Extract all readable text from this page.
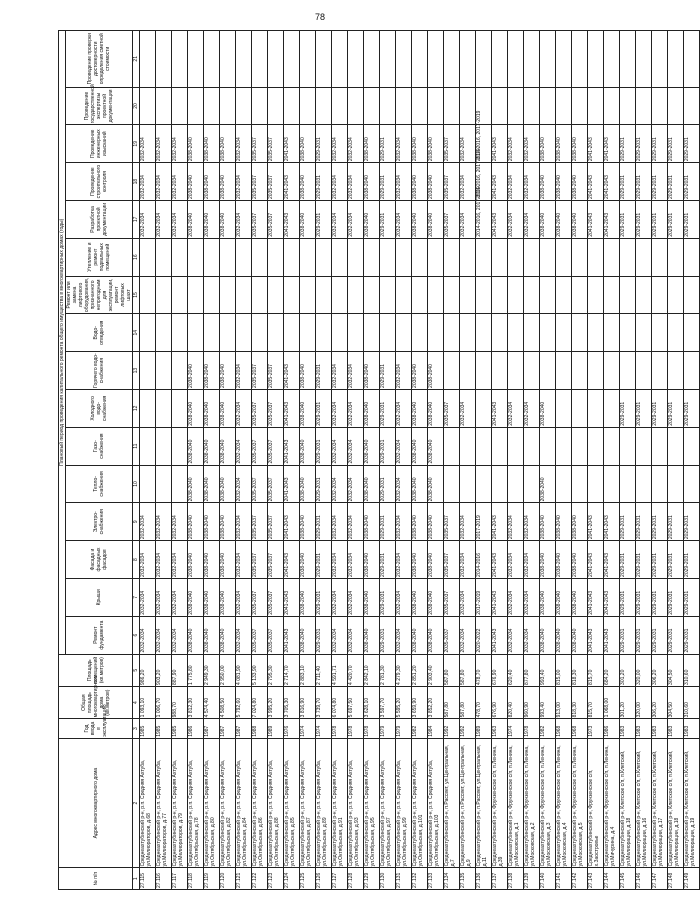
78
№ п/п	Адрес многоквартирного дома	Год ввода в эксплуатацию	Общая площадь многоквартирного дома (кв.метров)	Площадь помещений (кв.метров)	Плановый период проведения капитального ремонта общего имущества в многоквартирных домах (годы)															
					Ремонт фундамента	Крыши	Фасада и фасадных фасадов	Электро-снабжения	Тепло-снабжения	Газо-снабжения	Холодного водо-снабжения	Горячего водо-снабжения	Водо-отведения	Ремонт или замена лифтового оборудования, признанного непригодным для эксплуатации, ремонт лифтовых шахт	Утепление и ремонт подвальных помещений	Разработка проектной документации	Проведение строительного контроля	Проведение инженерных изысканий	Проведение государственной экспертизы проектной документации	Проведение проверки достоверности определения сметной стоимости
1	2	3	4	5	6	7	8	9	10	11	12	13	14	15	16	17	18	19	20	21
27.115	Среднеахтубинский р-н, р.п. Средняя Ахтуба, ул.Мелиораторов, д.68	1985	1 093,10	986,20	2032-2034	2032-2034	2032-2034	2032-2034								2032-2034	2032-2034	2032-2034		
27.116	Среднеахтубинский р-н, р.п. Средняя Ахтуба, ул.Мелиораторов, д.77	1985	1 006,70	903,20	2032-2034	2032-2034	2032-2034	2032-2034								2032-2034	2032-2034	2032-2034		
27.117	Среднеахтубинский р-н, р.п. Средняя Ахтуба, ул.Мелиораторов, д.79	1985	988,70	887,90	2032-2034	2032-2034	2032-2034	2032-2034								2032-2034	2032-2034	2032-2034		
27.118	Среднеахтубинский р-н, р.п. Средняя Ахтуба, ул.Октябрьская, д.78	1986	3 812,30	1 775,80	2038-2040	2038-2040	2038-2040	2038-2040	2038-2040	2038-2040	2038-2040	2038-2040				2038-2040	2038-2040	2038-2040		
27.119	Среднеахтубинский р-н, р.п. Средняя Ахтуба, ул.Октябрьская, д.80	1987	4 574,40	2 949,30	2038-2040	2038-2040	2038-2040	2038-2040	2038-2040	2038-2040	2038-2040	2038-2040				2038-2040	2038-2040	2038-2040		
27.120	Среднеахтубинский р-н, р.п. Средняя Ахтуба, ул.Октябрьская, д.82	1987	4 508,50	2 950,00	2038-2040	2038-2040	2038-2040	2038-2040	2038-2040	2038-2040	2038-2040	2038-2040				2038-2040	2038-2040	2038-2040		
27.121	Среднеахтубинский р-н, р.п. Средняя Ахтуба, ул.Октябрьская, д.84	1987	5 792,60	4 081,90	2032-2034	2032-2034	2032-2034	2032-2034	2032-2034	2032-2034	2032-2034	2032-2034				2032-2034	2032-2034	2032-2034		
27.122	Среднеахтубинский р-н, р.п. Средняя Ахтуба, ул.Октябрьская, д.86	1988	7 024,80	5 133,90	2035-2037	2035-2037	2035-2037	2035-2037	2035-2037	2035-2037	2035-2037	2035-2037				2035-2037	2035-2037	2035-2037		
27.123	Среднеахтубинский р-н, р.п. Средняя Ахтуба, ул.Октябрьская, д.88	1989	3 995,20	2 795,30	2035-2037	2035-2037	2035-2037	2035-2037	2035-2037	2035-2037	2035-2037	2035-2037				2035-2037	2035-2037	2035-2037		
27.124	Среднеахтубинский р-н, р.п. Средняя Ахтуба, ул.Октябрьская, д.85	1976	3 705,30	2 714,70	2041-2043	2041-2043	2041-2043	2041-2043	2041-2043	2041-2043	2041-2043	2041-2043				2041-2043	2041-2043	2041-2043		
27.125	Среднеахтубинский р-н, р.п. Средняя Ахтуба, ул.Октябрьская, д.87	1974	3 816,90	2 883,10	2038-2040	2038-2040	2038-2040	2038-2040	2038-2040	2038-2040	2038-2040	2038-2040				2038-2040	2038-2040	2038-2040		
27.126	Среднеахтубинский р-н, р.п. Средняя Ахтуба, ул.Октябрьская, д.89	1974	3 739,70	2 711,40	2029-2031	2029-2031	2029-2031	2029-2031	2029-2031	2029-2031	2029-2031	2029-2031				2029-2031	2029-2031	2029-2031		
27.127	Среднеахтубинский р-н, р.п. Средняя Ахтуба, ул.Октябрьская, д.91	1978	6 074,80	4 591,71	2032-2034	2032-2034	2032-2034	2032-2034	2032-2034	2032-2034	2032-2034	2032-2034				2032-2034	2032-2034	2032-2034		
27.128	Среднеахтубинский р-н, р.п. Средняя Ахтуба, ул.Октябрьская, д.93	1978	5 697,50	4 420,70	2032-2034	2032-2034	2032-2034	2032-2034	2032-2034	2032-2034	2032-2034	2032-2034				2032-2034	2032-2034	2032-2034		
27.129	Среднеахтубинский р-н, р.п. Средняя Ахтуба, ул.Октябрьская, д.95	1978	3 628,10	2 842,10	2038-2040	2038-2040	2038-2040	2038-2040	2038-2040	2038-2040	2038-2040	2038-2040				2038-2040	2038-2040	2038-2040		
27.130	Среднеахтубинский р-н, р.п. Средняя Ахтуба, ул.Октябрьская, д.97	1979	3 597,70	2 781,30	2029-2031	2029-2031	2029-2031	2029-2031	2029-2031	2029-2031	2029-2031	2029-2031				2029-2031	2029-2031	2029-2031		
27.131	Среднеахтубинский р-н, р.п. Средняя Ахтуба, ул.Октябрьская, д.99	1979	5 595,20	4 279,30	2032-2034	2032-2034	2032-2034	2032-2034	2032-2034	2032-2034	2032-2034	2032-2034				2032-2034	2032-2034	2032-2034		
27.132	Среднеахтубинский р-н, р.п. Средняя Ахтуба, ул.Октябрьская, д.101	1982	3 659,90	2 851,20	2038-2040	2038-2040	2038-2040	2038-2040	2038-2040	2038-2040	2038-2040	2038-2040				2038-2040	2038-2040	2038-2040		
27.133	Среднеахтубинский р-н, р.п. Средняя Ахтуба, ул.Октябрьская, д.103	1984	3 852,20	2 903,40	2038-2040	2038-2040	2038-2040	2038-2040	2038-2040	2038-2040	2038-2040	2038-2040				2038-2040	2038-2040	2038-2040		
27.134	Среднеахтубинский р-н, п.Рассвет, ул.Центральная, д.7	1992	587,80	587,80	2035-2037	2035-2037	2035-2037	2035-2037			2035-2037					2035-2037	2035-2037	2035-2037		
27.135	Среднеахтубинский р-н, п.Рассвет, ул.Центральная, д.9	1992	587,80	587,80	2032-2034	2032-2034	2032-2034	2032-2034			2032-2034					2032-2034	2032-2034	2032-2034		
27.136	Среднеахтубинский р-н, п.Рассвет, ул.Центральная, д.11	1989	478,70	478,70	2020-2022	2017-2019	2014-2016	2017-2019								2014-2016, 2017-2019	2014-2016, 2017-2019	2014-2016, 2017-2019		
27.137	Среднеахтубинский р-н, Фрунзенское с/п, п.Ленина, д.39	1963	676,90	676,90	2041-2043	2041-2043	2041-2043	2041-2043			2041-2043					2041-2043	2041-2043	2041-2043		
27.138	Среднеахтубинский р-н, Фрунзенское с/п, п.Ленина, ул.Московская, д.1	1974	820,40	620,40	2032-2034	2032-2034	2032-2034	2032-2034			2032-2034					2032-2034	2032-2034	2032-2034		
27.139	Среднеахтубинский р-н, Фрунзенское с/п, п.Ленина, ул.Московская, д.2	1978	960,90	877,80	2032-2034	2032-2034	2032-2034	2032-2034			2032-2034					2032-2034	2032-2034	2032-2034		
27.140	Среднеахтубинский р-н, Фрунзенское с/п, п.Ленина, ул.Московская, д.3	1982	993,40	993,40	2038-2040	2038-2040	2038-2040	2038-2040	2038-2040		2038-2040					2038-2040	2038-2040	2038-2040		
27.141	Среднеахтубинский р-н, Фрунзенское с/п, п.Ленина, ул.Московская, д.4	1968	913,00	815,00	2038-2040	2038-2040	2038-2040	2038-2040								2038-2040	2038-2040	2038-2040		
27.142	Среднеахтубинский р-н, Фрунзенское с/п, п.Ленина, ул.Московская, д.5	1968	818,30	818,30	2038-2040	2038-2040	2038-2040	2038-2040								2038-2040	2038-2040	2038-2040		
27.143	Среднеахтубинский р-н, Фрунзенское с/п, х.Заостровье	1973	815,70	815,70	2041-2043	2041-2043	2041-2043	2041-2043								2041-2043	2041-2043	2041-2043		
27.144	Среднеахтубинский р-н, Фрунзенское с/п, п.Ленина, ул.Мичурина, д.4	1986	1 068,00	684,20	2041-2043	2041-2043	2041-2043	2041-2043								2041-2043	2041-2043	2041-2043		
27.145	Среднеахтубинский р-н, Клетское с/п, п.Клетский, ул.Мелиорации, д.18	1983	301,20	301,20	2029-2031	2029-2031	2029-2031	2029-2031			2029-2031					2029-2031	2029-2031	2029-2031		
27.146	Среднеахтубинский р-н, Клетское с/п, п.Клетский, ул.Мелиорации, д.16	1983	320,00	320,00	2029-2031	2029-2031	2029-2031	2029-2031			2029-2031					2029-2031	2029-2031	2029-2031		
27.147	Среднеахтубинский р-н, Клетское с/п, п.Клетский, ул.Мелиорации, д.17	1983	306,20	306,20	2029-2031	2029-2031	2029-2031	2029-2031			2029-2031					2029-2031	2029-2031	2029-2031		
27.148	Среднеахтубинский р-н, Клетское с/п, п.Клетский, ул.Мелиорации, д.18	1983	304,50	304,50	2029-2031	2029-2031	2029-2031	2029-2031			2029-2031					2029-2031	2029-2031	2029-2031		
27.149	Среднеахтубинский р-н, Клетское с/п, п.Клетский, ул.Мелиорации, д.19	1983	310,60	310,60	2029-2031	2029-2031	2029-2031	2029-2031			2029-2031					2029-2031	2029-2031	2029-2031		
